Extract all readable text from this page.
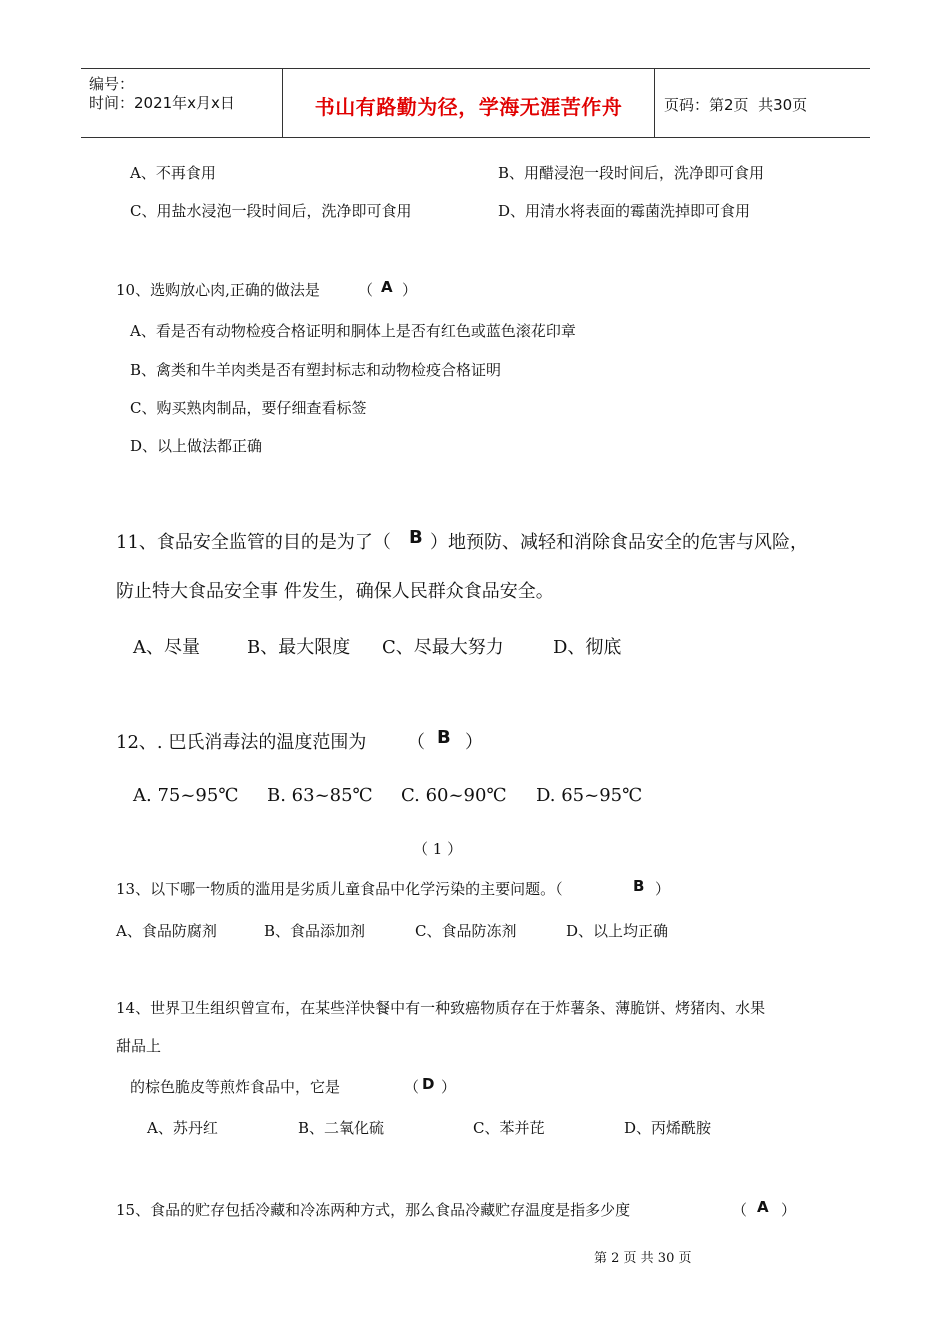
编号：
时间：2021年x月x日	书山有路勤为径，学海无涯苦作舟	页码：第2页  共30页
A、不再食用	B、用醋浸泡一段时间后，洗净即可食用
C、用盐水浸泡一段时间后，洗净即可食用	D、用清水将表面的霉菌洗掉即可食用
10、选购放心肉,正确的做法是	（ A ）
A、看是否有动物检疫合格证明和胴体上是否有红色或蓝色滚花印章
B、禽类和牛羊肉类是否有塑封标志和动物检疫合格证明
C、购买熟肉制品，要仔细查看标签
D、以上做法都正确
11、食品安全监管的目的是为了（ B ）地预防、减轻和消除食品安全的危害与风险，
防止特大食品安全事 件发生，确保人民群众食品安全。
A、尽量	B、最大限度 C、尽最大努力	D、彻底
12、. 巴氏消毒法的温度范围为 （ B ）
A. 75~95℃ B. 63~85℃ C. 60~90℃ D. 65~95℃
（ 1 ）
13、以下哪一物质的滥用是劣质儿童食品中化学污染的主要问题。（	B ）
A、食品防腐剂	B、食品添加剂	C、食品防冻剂	D、以上均正确
14、世界卫生组织曾宣布，在某些洋快餐中有一种致癌物质存在于炸薯条、薄脆饼、烤猪肉、水果
甜品上
的棕色脆皮等煎炸食品中，它是	（ D ）
A、苏丹红	B、二氧化硫	C、苯并芘	D、丙烯酰胺
15、食品的贮存包括冷藏和冷冻两种方式，那么食品冷藏贮存温度是指多少度	（ A ）
第 2 页 共 30 页
